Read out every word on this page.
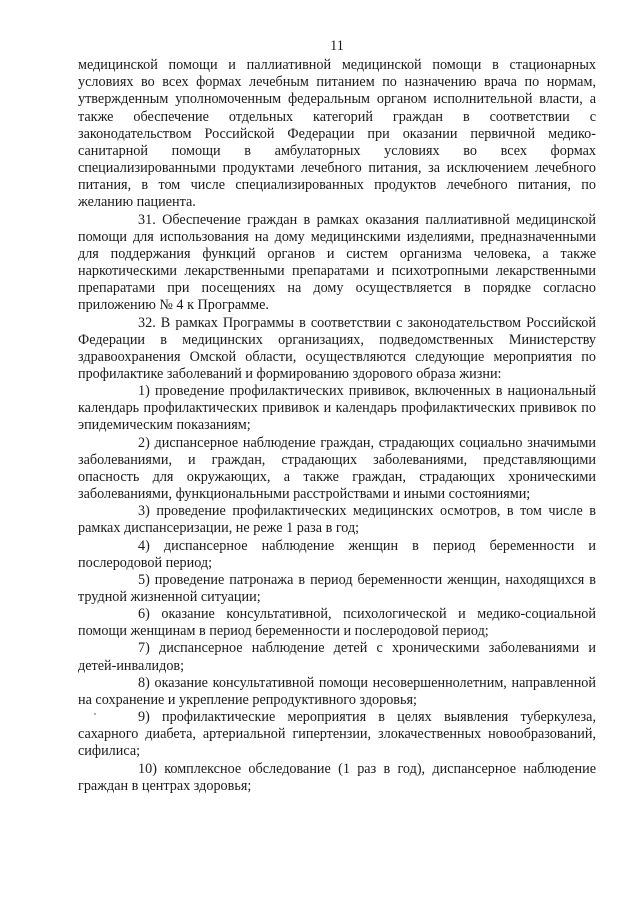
11

медицинской помощи и паллиативной медицинской помощи в стационарных условиях во всех формах лечебным питанием по назначению врача по нормам, утвержденным уполномоченным федеральным органом исполнительной власти, а также обеспечение отдельных категорий граждан в соответствии с законодательством Российской Федерации при оказании первичной медико-санитарной помощи в амбулаторных условиях во всех формах специализированными продуктами лечебного питания, за исключением лечебного питания, в том числе специализированных продуктов лечебного питания, по желанию пациента.

31. Обеспечение граждан в рамках оказания паллиативной медицинской помощи для использования на дому медицинскими изделиями, предназначенными для поддержания функций органов и систем организма человека, а также наркотическими лекарственными препаратами и психотропными лекарственными препаратами при посещениях на дому осуществляется в порядке согласно приложению № 4 к Программе.

32. В рамках Программы в соответствии с законодательством Российской Федерации в медицинских организациях, подведомственных Министерству здравоохранения Омской области, осуществляются следующие мероприятия по профилактике заболеваний и формированию здорового образа жизни:

1) проведение профилактических прививок, включенных в национальный календарь профилактических прививок и календарь профилактических прививок по эпидемическим показаниям;

2) диспансерное наблюдение граждан, страдающих социально значимыми заболеваниями, и граждан, страдающих заболеваниями, представляющими опасность для окружающих, а также граждан, страдающих хроническими заболеваниями, функциональными расстройствами и иными состояниями;

3) проведение профилактических медицинских осмотров, в том числе в рамках диспансеризации, не реже 1 раза в год;

4) диспансерное наблюдение женщин в период беременности и послеродовой период;

5) проведение патронажа в период беременности женщин, находящихся в трудной жизненной ситуации;

6) оказание консультативной, психологической и медико-социальной помощи женщинам в период беременности и послеродовой период;

7) диспансерное наблюдение детей с хроническими заболеваниями и детей-инвалидов;

8) оказание консультативной помощи несовершеннолетним, направленной на сохранение и укрепление репродуктивного здоровья;

9) профилактические мероприятия в целях выявления туберкулеза, сахарного диабета, артериальной гипертензии, злокачественных новообразований, сифилиса;

10) комплексное обследование (1 раз в год), диспансерное наблюдение граждан в центрах здоровья;
